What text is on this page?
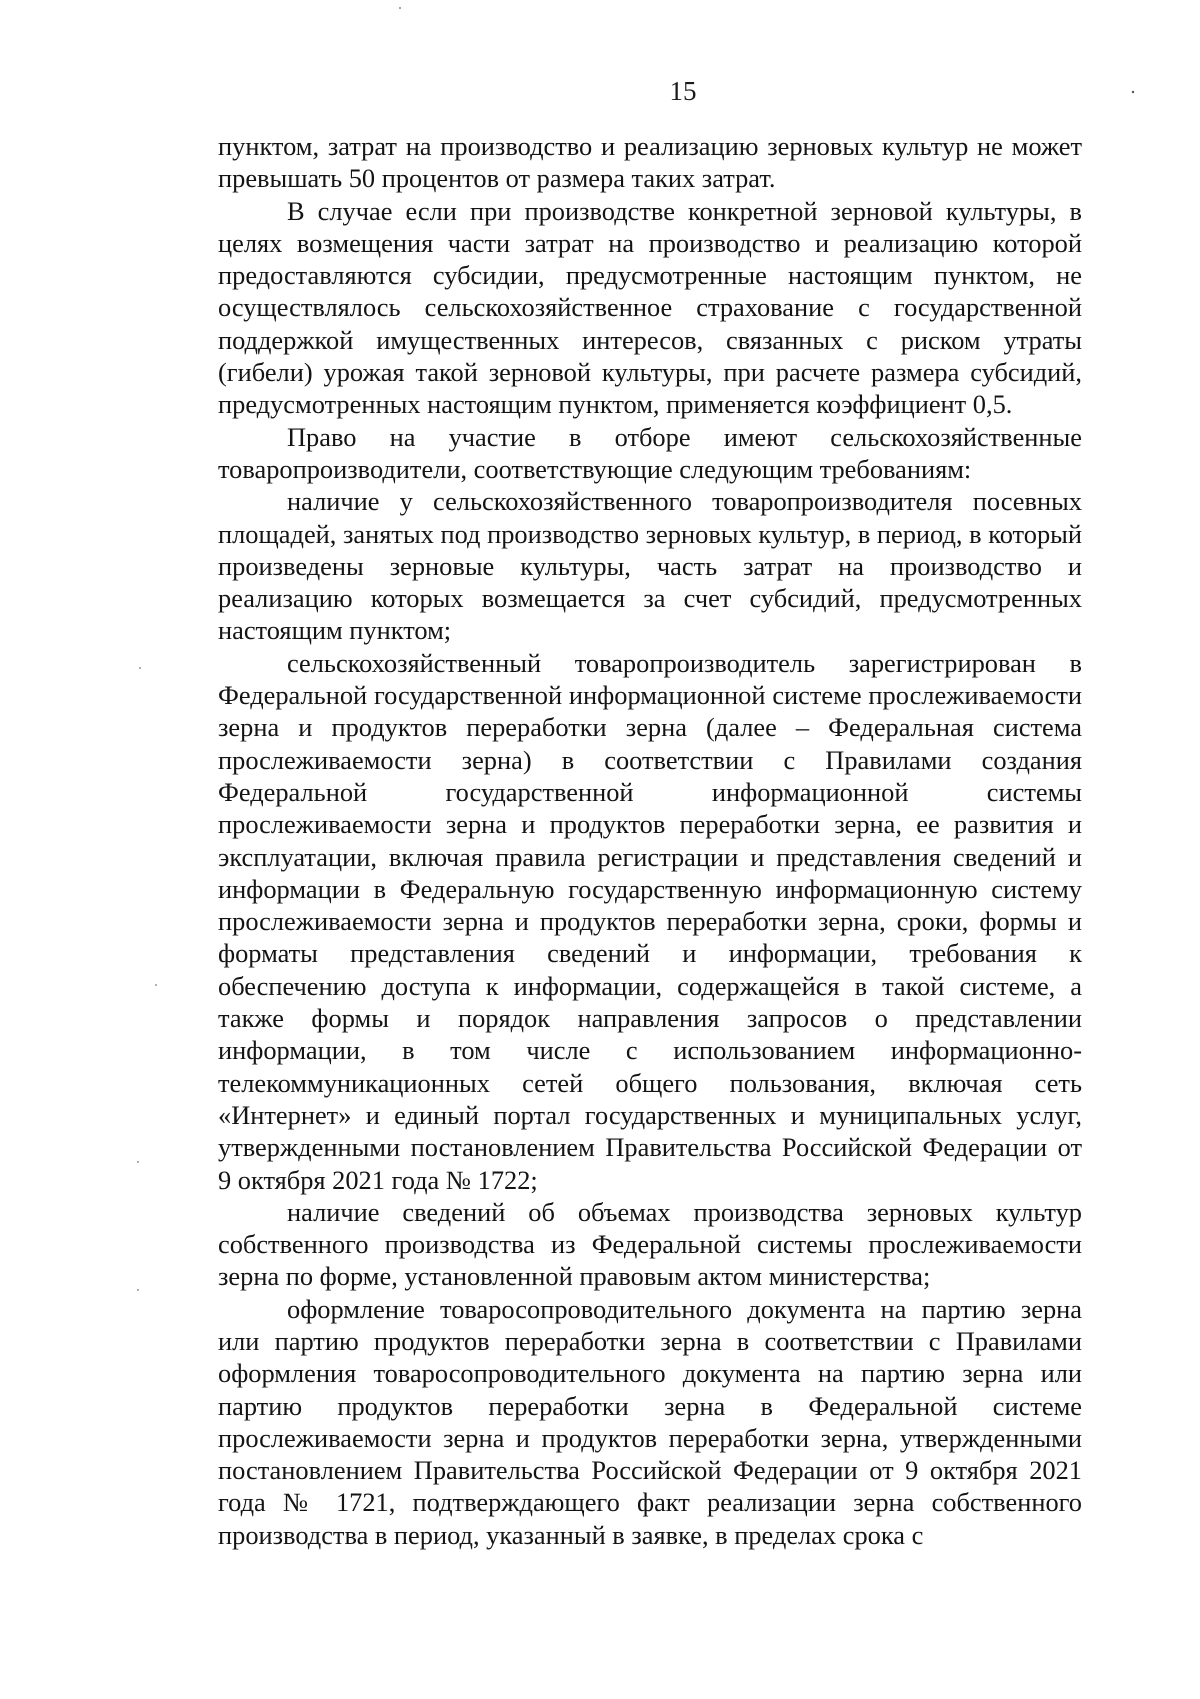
15

пунктом, затрат на производство и реализацию зерновых культур не может превышать 50 процентов от размера таких затрат.

В случае если при производстве конкретной зерновой культуры, в целях возмещения части затрат на производство и реализацию которой предоставляются субсидии, предусмотренные настоящим пунктом, не осуществлялось сельскохозяйственное страхование с государственной поддержкой имущественных интересов, связанных с риском утраты (гибели) урожая такой зерновой культуры, при расчете размера субсидий, предусмотренных настоящим пунктом, применяется коэффициент 0,5.

Право на участие в отборе имеют сельскохозяйственные товаропроизводители, соответствующие следующим требованиям:

наличие у сельскохозяйственного товаропроизводителя посевных площадей, занятых под производство зерновых культур, в период, в который произведены зерновые культуры, часть затрат на производство и реализацию которых возмещается за счет субсидий, предусмотренных настоящим пунктом;

сельскохозяйственный товаропроизводитель зарегистрирован в Федеральной государственной информационной системе прослеживаемости зерна и продуктов переработки зерна (далее – Федеральная система прослеживаемости зерна) в соответствии с Правилами создания Федеральной государственной информационной системы прослеживаемости зерна и продуктов переработки зерна, ее развития и эксплуатации, включая правила регистрации и представления сведений и информации в Федеральную государственную информационную систему прослеживаемости зерна и продуктов переработки зерна, сроки, формы и форматы представления сведений и информации, требования к обеспечению доступа к информации, содержащейся в такой системе, а также формы и порядок направления запросов о представлении информации, в том числе с использованием информационно-телекоммуникационных сетей общего пользования, включая сеть «Интернет» и единый портал государственных и муниципальных услуг, утвержденными постановлением Правительства Российской Федерации от 9 октября 2021 года № 1722;

наличие сведений об объемах производства зерновых культур собственного производства из Федеральной системы прослеживаемости зерна по форме, установленной правовым актом министерства;

оформление товаросопроводительного документа на партию зерна или партию продуктов переработки зерна в соответствии с Правилами оформления товаросопроводительного документа на партию зерна или партию продуктов переработки зерна в Федеральной системе прослеживаемости зерна и продуктов переработки зерна, утвержденными постановлением Правительства Российской Федерации от 9 октября 2021 года № 1721, подтверждающего факт реализации зерна собственного производства в период, указанный в заявке, в пределах срока с
